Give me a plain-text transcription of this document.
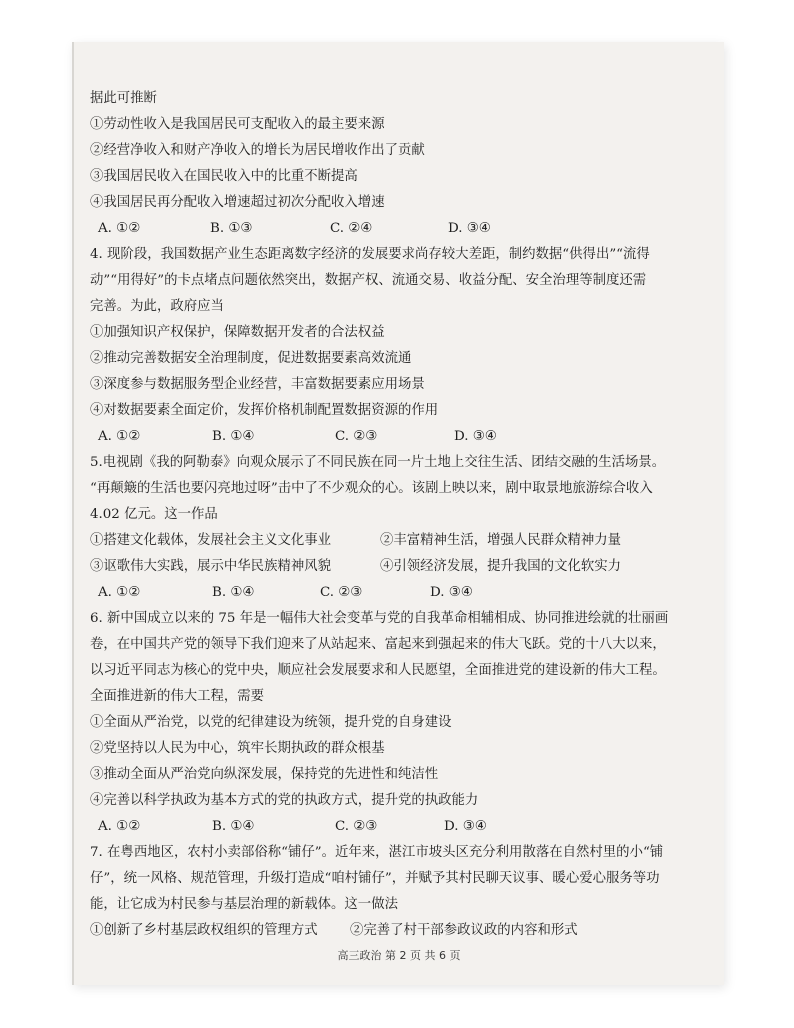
据此可推断
①劳动性收入是我国居民可支配收入的最主要来源
②经营净收入和财产净收入的增长为居民增收作出了贡献
③我国居民收入在国民收入中的比重不断提高
④我国居民再分配收入增速超过初次分配收入增速
A. ①②	B. ①③	C. ②④	D. ③④
4. 现阶段，我国数据产业生态距离数字经济的发展要求尚存较大差距，制约数据“供得出”“流得
动”“用得好”的卡点堵点问题依然突出，数据产权、流通交易、收益分配、安全治理等制度还需
完善。为此，政府应当
①加强知识产权保护，保障数据开发者的合法权益
②推动完善数据安全治理制度，促进数据要素高效流通
③深度参与数据服务型企业经营，丰富数据要素应用场景
④对数据要素全面定价，发挥价格机制配置数据资源的作用
A. ①②	B. ①④	C. ②③	D. ③④
5.电视剧《我的阿勒泰》向观众展示了不同民族在同一片土地上交往生活、团结交融的生活场景。
“再颠簸的生活也要闪亮地过呀”击中了不少观众的心。该剧上映以来，剧中取景地旅游综合收入
4.02 亿元。这一作品
①搭建文化载体，发展社会主义文化事业	②丰富精神生活，增强人民群众精神力量
③讴歌伟大实践，展示中华民族精神风貌	④引领经济发展，提升我国的文化软实力
A. ①②	B. ①④	C. ②③	D. ③④
6. 新中国成立以来的 75 年是一幅伟大社会变革与党的自我革命相辅相成、协同推进绘就的壮丽画
卷，在中国共产党的领导下我们迎来了从站起来、富起来到强起来的伟大飞跃。党的十八大以来，
以习近平同志为核心的党中央，顺应社会发展要求和人民愿望，全面推进党的建设新的伟大工程。
全面推进新的伟大工程，需要
①全面从严治党，以党的纪律建设为统领，提升党的自身建设
②党坚持以人民为中心，筑牢长期执政的群众根基
③推动全面从严治党向纵深发展，保持党的先进性和纯洁性
④完善以科学执政为基本方式的党的执政方式，提升党的执政能力
A. ①②	B. ①④	C. ②③	D. ③④
7. 在粤西地区，农村小卖部俗称“铺仔”。近年来，湛江市坡头区充分利用散落在自然村里的小“铺
仔”，统一风格、规范管理，升级打造成“咱村铺仔”，并赋予其村民聊天议事、暖心爱心服务等功
能，让它成为村民参与基层治理的新载体。这一做法
①创新了乡村基层政权组织的管理方式 ②完善了村干部参政议政的内容和形式
高三政治 第 2 页 共 6 页
